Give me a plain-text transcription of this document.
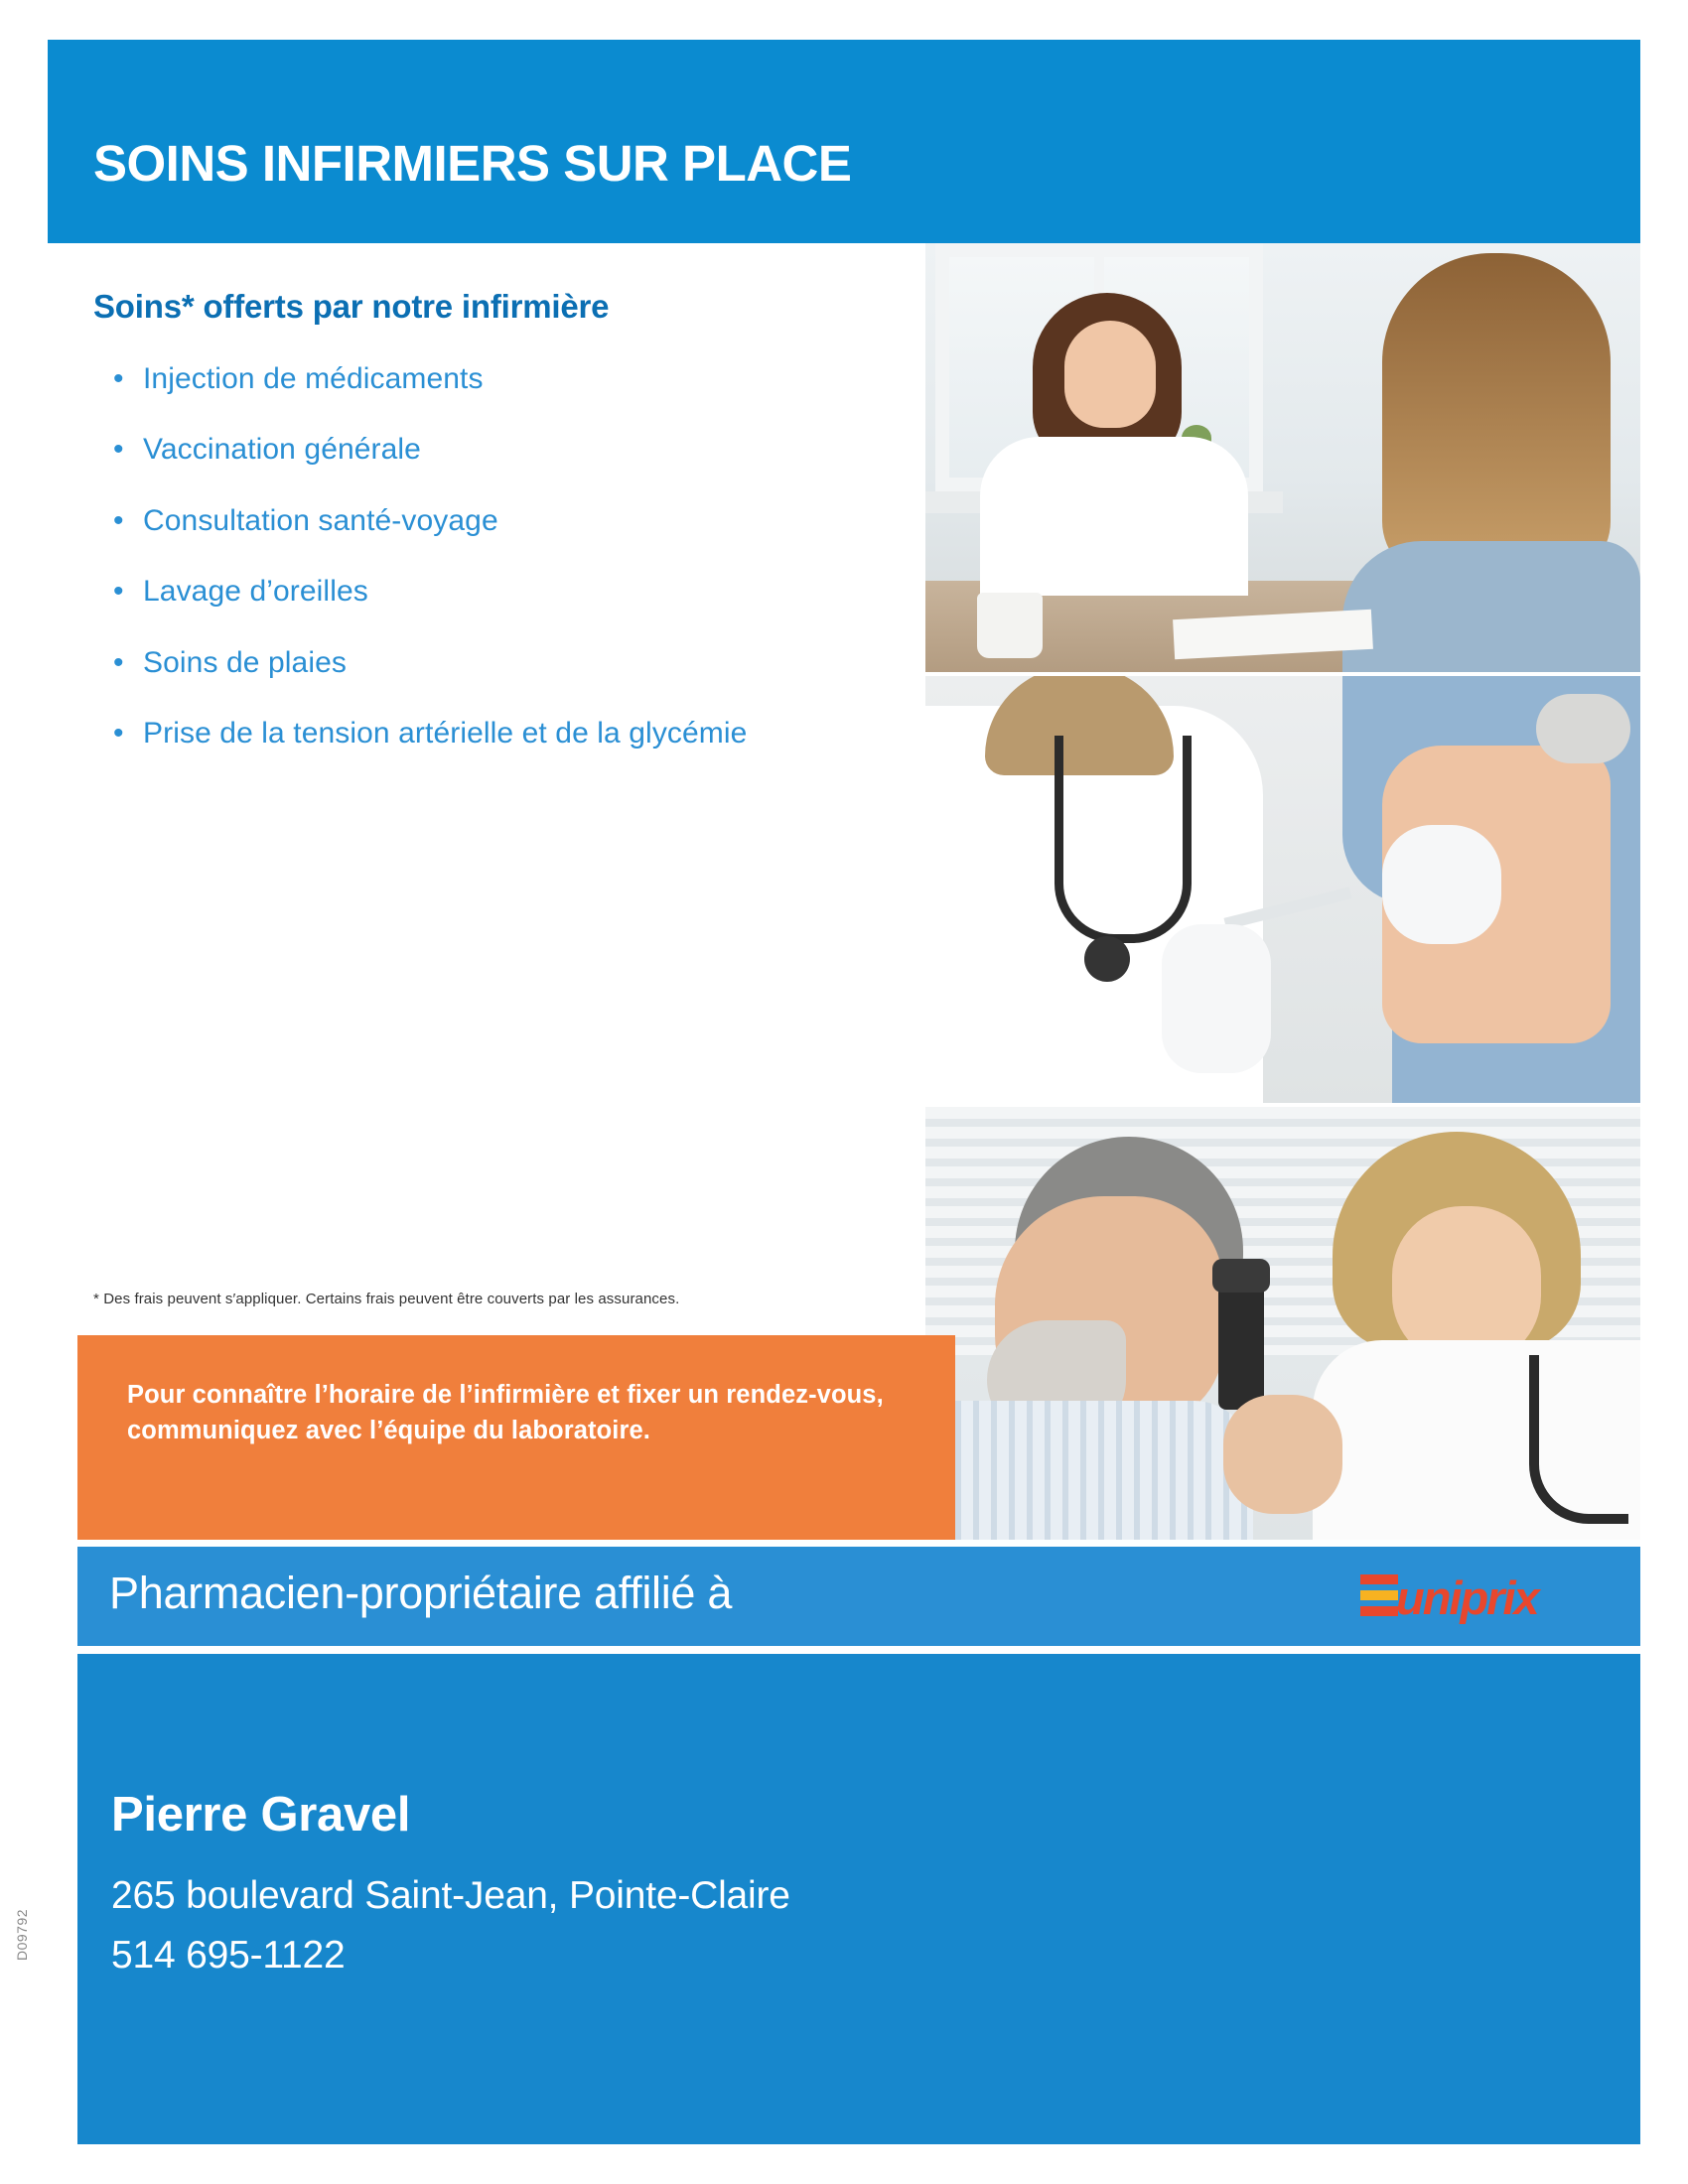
SOINS INFIRMIERS SUR PLACE
Soins* offerts par notre infirmière
• Injection de médicaments
• Vaccination générale
• Consultation santé-voyage
• Lavage d’oreilles
• Soins de plaies
• Prise de la tension artérielle et de la glycémie
* Des frais peuvent s′appliquer. Certains frais peuvent être couverts par les assurances.
Pour connaître l’horaire de l’infirmière et fixer un rendez-vous, communiquez avec l’équipe du laboratoire.
Pharmacien-propriétaire affilié à	uniprix
Pierre Gravel
265 boulevard Saint-Jean, Pointe-Claire
514 695-1122
D09792
